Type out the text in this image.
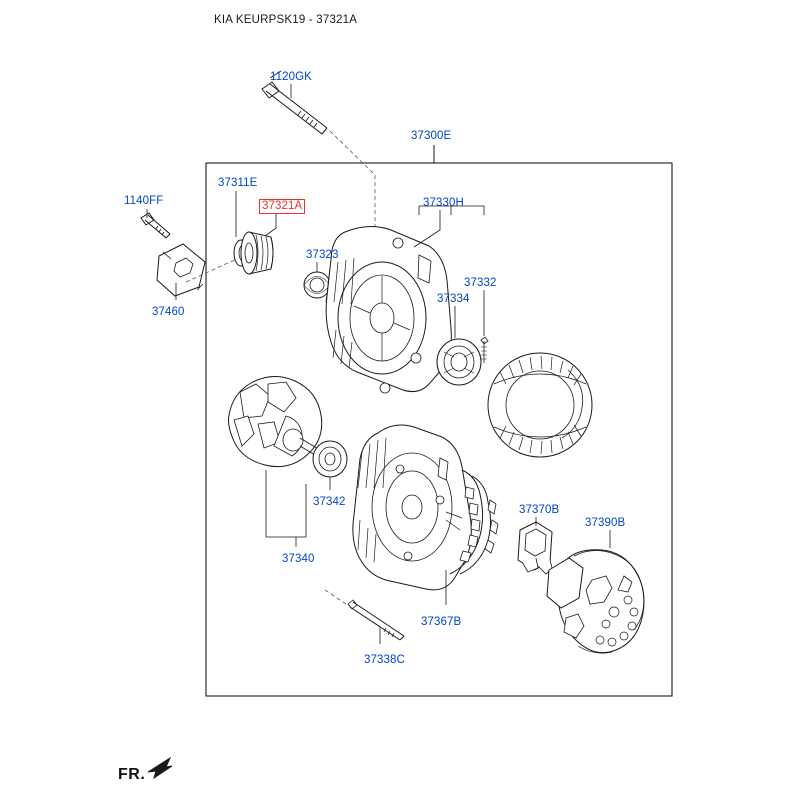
KIA KEURPSK19 - 37321A
1120GK
37300E
37311E
37321A	37330H
1140FF
37323
37332
37334
37460
37342
37370B
37390B
37340
37367B
37338C
FR.
